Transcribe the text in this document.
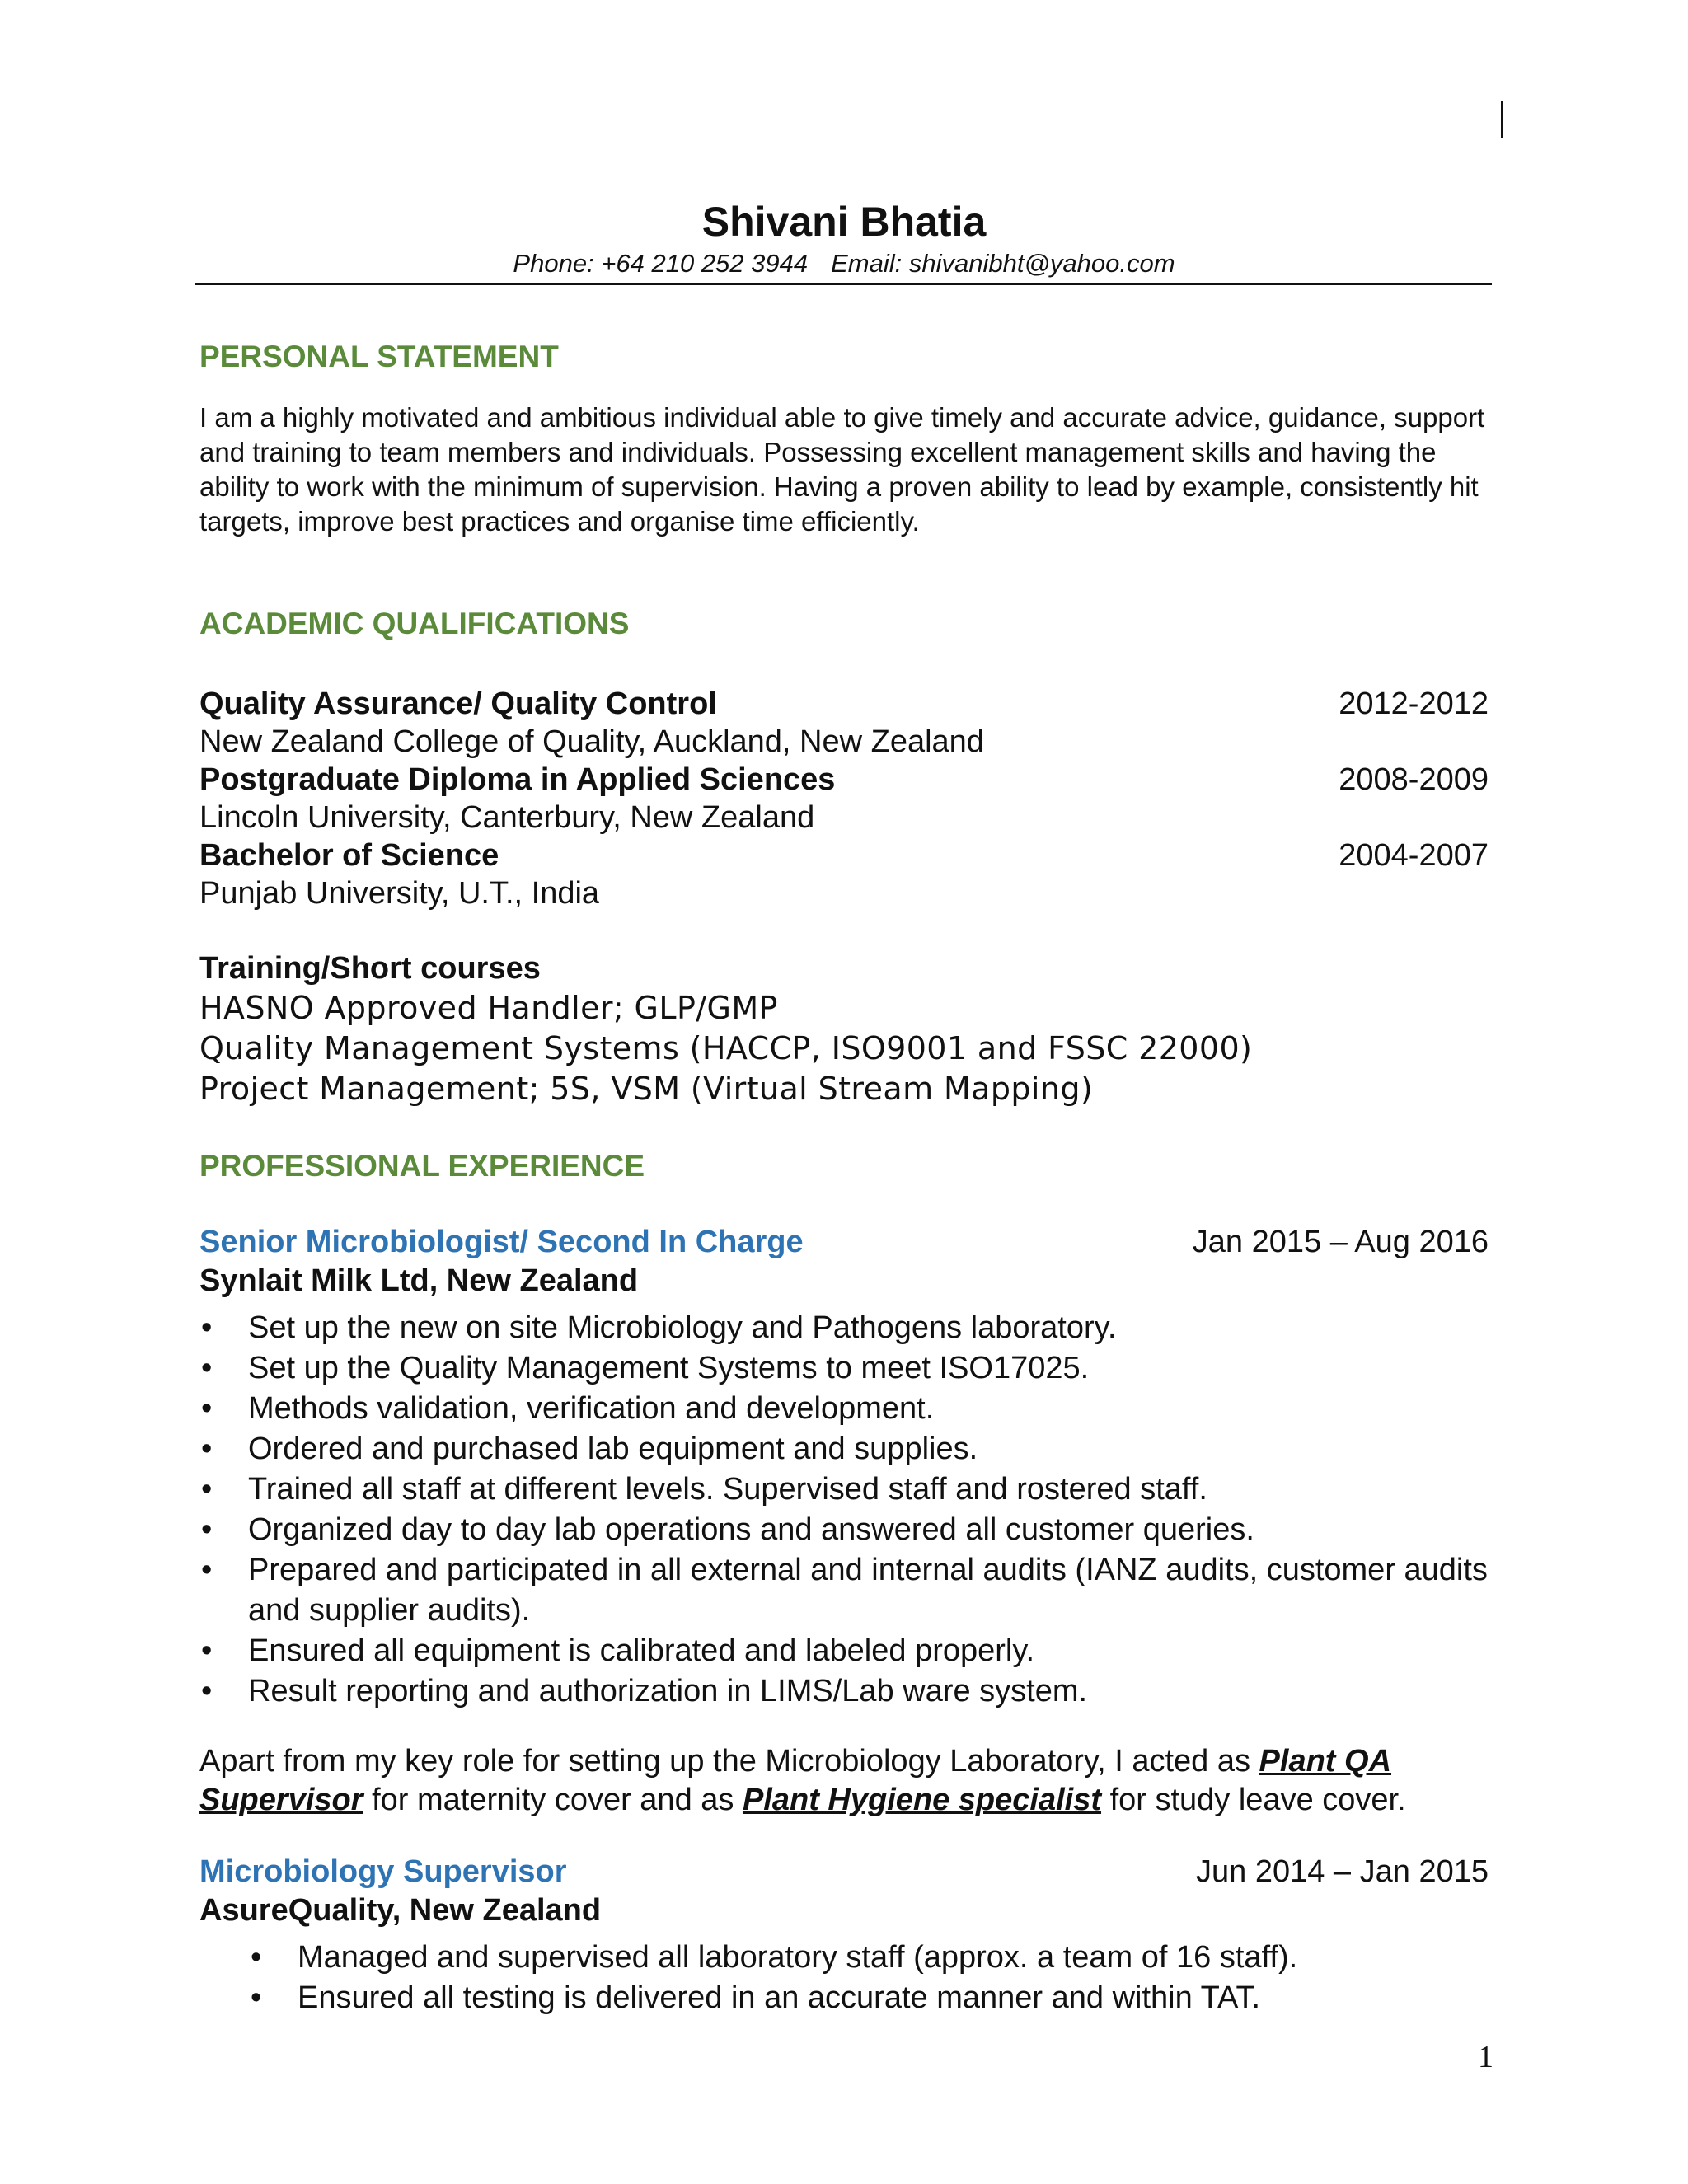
Shivani Bhatia
Phone: +64 210 252 3944 Email: shivanibht@yahoo.com
PERSONAL STATEMENT
I am a highly motivated and ambitious individual able to give timely and accurate advice, guidance, support and training to team members and individuals. Possessing excellent management skills and having the ability to work with the minimum of supervision. Having a proven ability to lead by example, consistently hit targets, improve best practices and organise time efficiently.
ACADEMIC QUALIFICATIONS
Quality Assurance/ Quality Control	2012-2012
New Zealand College of Quality, Auckland, New Zealand
Postgraduate Diploma in Applied Sciences	2008-2009
Lincoln University, Canterbury, New Zealand
Bachelor of Science	2004-2007
Punjab University, U.T., India
Training/Short courses
HASNO Approved Handler; GLP/GMP
Quality Management Systems (HACCP, ISO9001 and FSSC 22000)
Project Management; 5S, VSM (Virtual Stream Mapping)
PROFESSIONAL EXPERIENCE
Senior Microbiologist/ Second In Charge	Jan 2015 – Aug 2016
Synlait Milk Ltd, New Zealand
• Set up the new on site Microbiology and Pathogens laboratory.
• Set up the Quality Management Systems to meet ISO17025.
• Methods validation, verification and development.
• Ordered and purchased lab equipment and supplies.
• Trained all staff at different levels. Supervised staff and rostered staff.
• Organized day to day lab operations and answered all customer queries.
• Prepared and participated in all external and internal audits (IANZ audits, customer audits and supplier audits).
• Ensured all equipment is calibrated and labeled properly.
• Result reporting and authorization in LIMS/Lab ware system.
Apart from my key role for setting up the Microbiology Laboratory, I acted as Plant QA Supervisor for maternity cover and as Plant Hygiene specialist for study leave cover.
Microbiology Supervisor	Jun 2014 – Jan 2015
AsureQuality, New Zealand
• Managed and supervised all laboratory staff (approx. a team of 16 staff).
• Ensured all testing is delivered in an accurate manner and within TAT.
1
